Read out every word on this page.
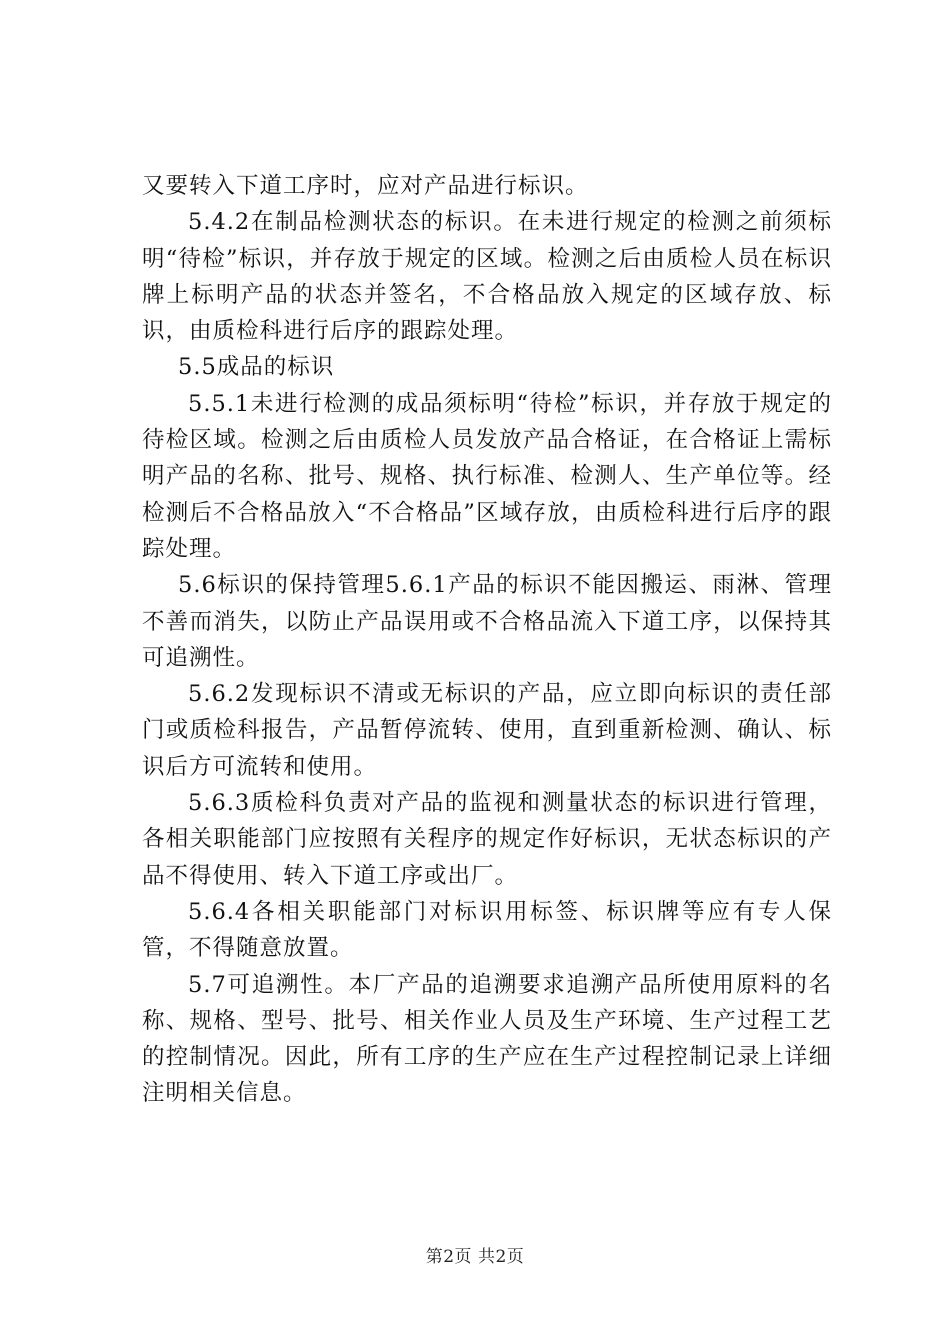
又要转入下道工序时，应对产品进行标识。

5.4.2在制品检测状态的标识。在未进行规定的检测之前须标明“待检”标识，并存放于规定的区域。检测之后由质检人员在标识牌上标明产品的状态并签名，不合格品放入规定的区域存放、标识，由质检科进行后序的跟踪处理。

5.5成品的标识

5.5.1未进行检测的成品须标明“待检”标识，并存放于规定的待检区域。检测之后由质检人员发放产品合格证，在合格证上需标明产品的名称、批号、规格、执行标准、检测人、生产单位等。经检测后不合格品放入“不合格品”区域存放，由质检科进行后序的跟踪处理。

5.6标识的保持管理5.6.1产品的标识不能因搬运、雨淋、管理不善而消失，以防止产品误用或不合格品流入下道工序，以保持其可追溯性。

5.6.2发现标识不清或无标识的产品，应立即向标识的责任部门或质检科报告，产品暂停流转、使用，直到重新检测、确认、标识后方可流转和使用。

5.6.3质检科负责对产品的监视和测量状态的标识进行管理，各相关职能部门应按照有关程序的规定作好标识，无状态标识的产品不得使用、转入下道工序或出厂。

5.6.4各相关职能部门对标识用标签、标识牌等应有专人保管，不得随意放置。

5.7可追溯性。本厂产品的追溯要求追溯产品所使用原料的名称、规格、型号、批号、相关作业人员及生产环境、生产过程工艺的控制情况。因此，所有工序的生产应在生产过程控制记录上详细注明相关信息。

第2页 共2页
